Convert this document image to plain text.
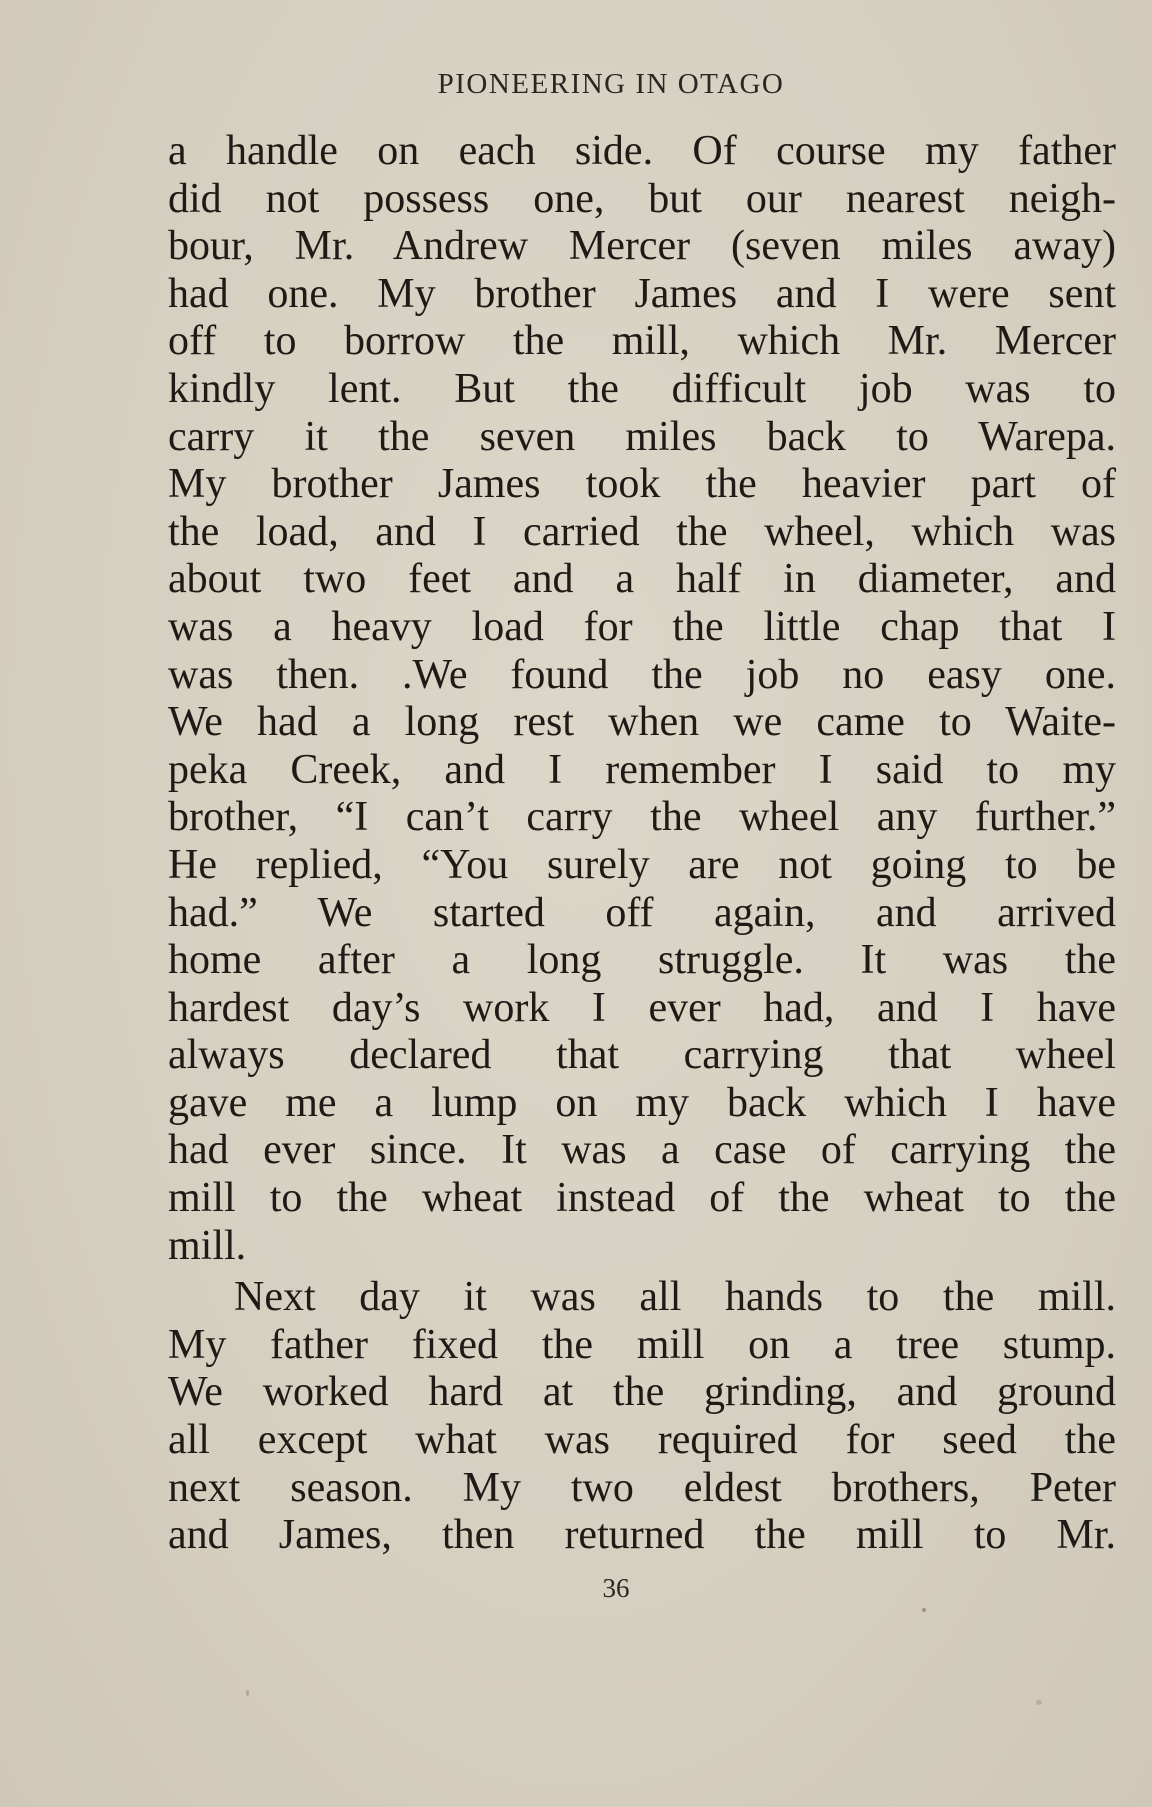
PIONEERING IN OTAGO
a handle on each side. Of course my father
did not possess one, but our nearest neigh-
bour, Mr. Andrew Mercer (seven miles away)
had one. My brother James and I were sent
off to borrow the mill, which Mr. Mercer
kindly lent. But the difficult job was to
carry it the seven miles back to Warepa.
My brother James took the heavier part of
the load, and I carried the wheel, which was
about two feet and a half in diameter, and
was a heavy load for the little chap that I
was then. .We found the job no easy one.
We had a long rest when we came to Waite-
peka Creek, and I remember I said to my
brother, “I can’t carry the wheel any further.”
He replied, “You surely are not going to be
had.” We started off again, and arrived
home after a long struggle. It was the
hardest day’s work I ever had, and I have
always declared that carrying that wheel
gave me a lump on my back which I have
had ever since. It was a case of carrying the
mill to the wheat instead of the wheat to the
mill.
Next day it was all hands to the mill.
My father fixed the mill on a tree stump.
We worked hard at the grinding, and ground
all except what was required for seed the
next season. My two eldest brothers, Peter
and James, then returned the mill to Mr.
36
